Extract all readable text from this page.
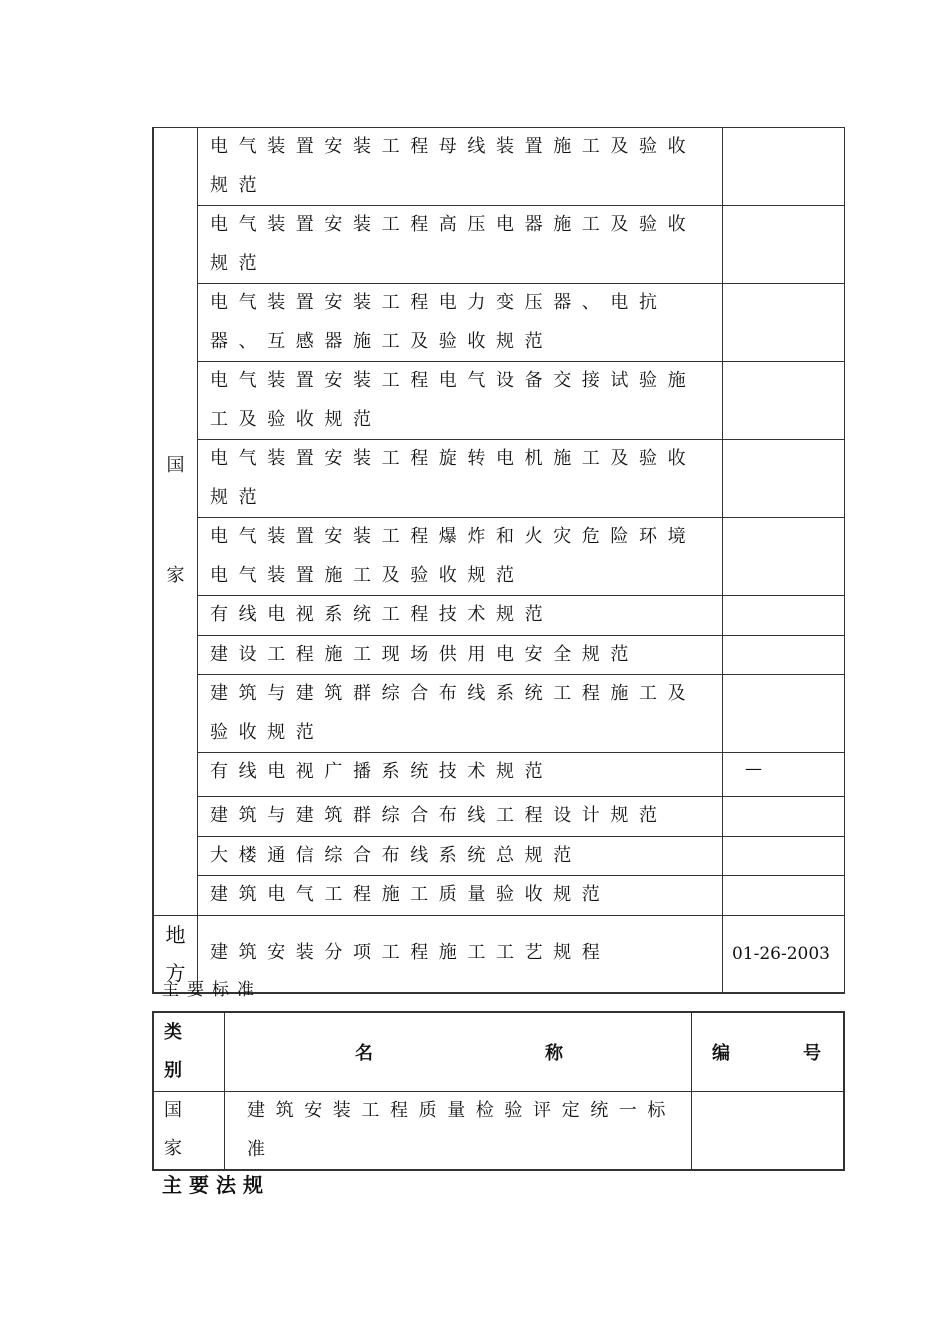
国
家	电气装置安装工程母线装置施工及验收规范	
	电气装置安装工程高压电器施工及验收规范	
	电气装置安装工程电力变压器、电抗器、互感器施工及验收规范	
	电气装置安装工程电气设备交接试验施工及验收规范	
	电气装置安装工程旋转电机施工及验收规范	
	电气装置安装工程爆炸和火灾危险环境电气装置施工及验收规范	
	有线电视系统工程技术规范	
	建设工程施工现场供用电安全规范	
	建筑与建筑群综合布线系统工程施工及验收规范	
	有线电视广播系统技术规范	—
	建筑与建筑群综合布线工程设计规范	
	大楼通信综合布线系统总规范	
	建筑电气工程施工质量验收规范	

地
方	建筑安装分项工程施工工艺规程	01-26-2003
主要标准
类
别	名 称	编 号

国
家	建筑安装工程质量检验评定统一标准	
主要法规
